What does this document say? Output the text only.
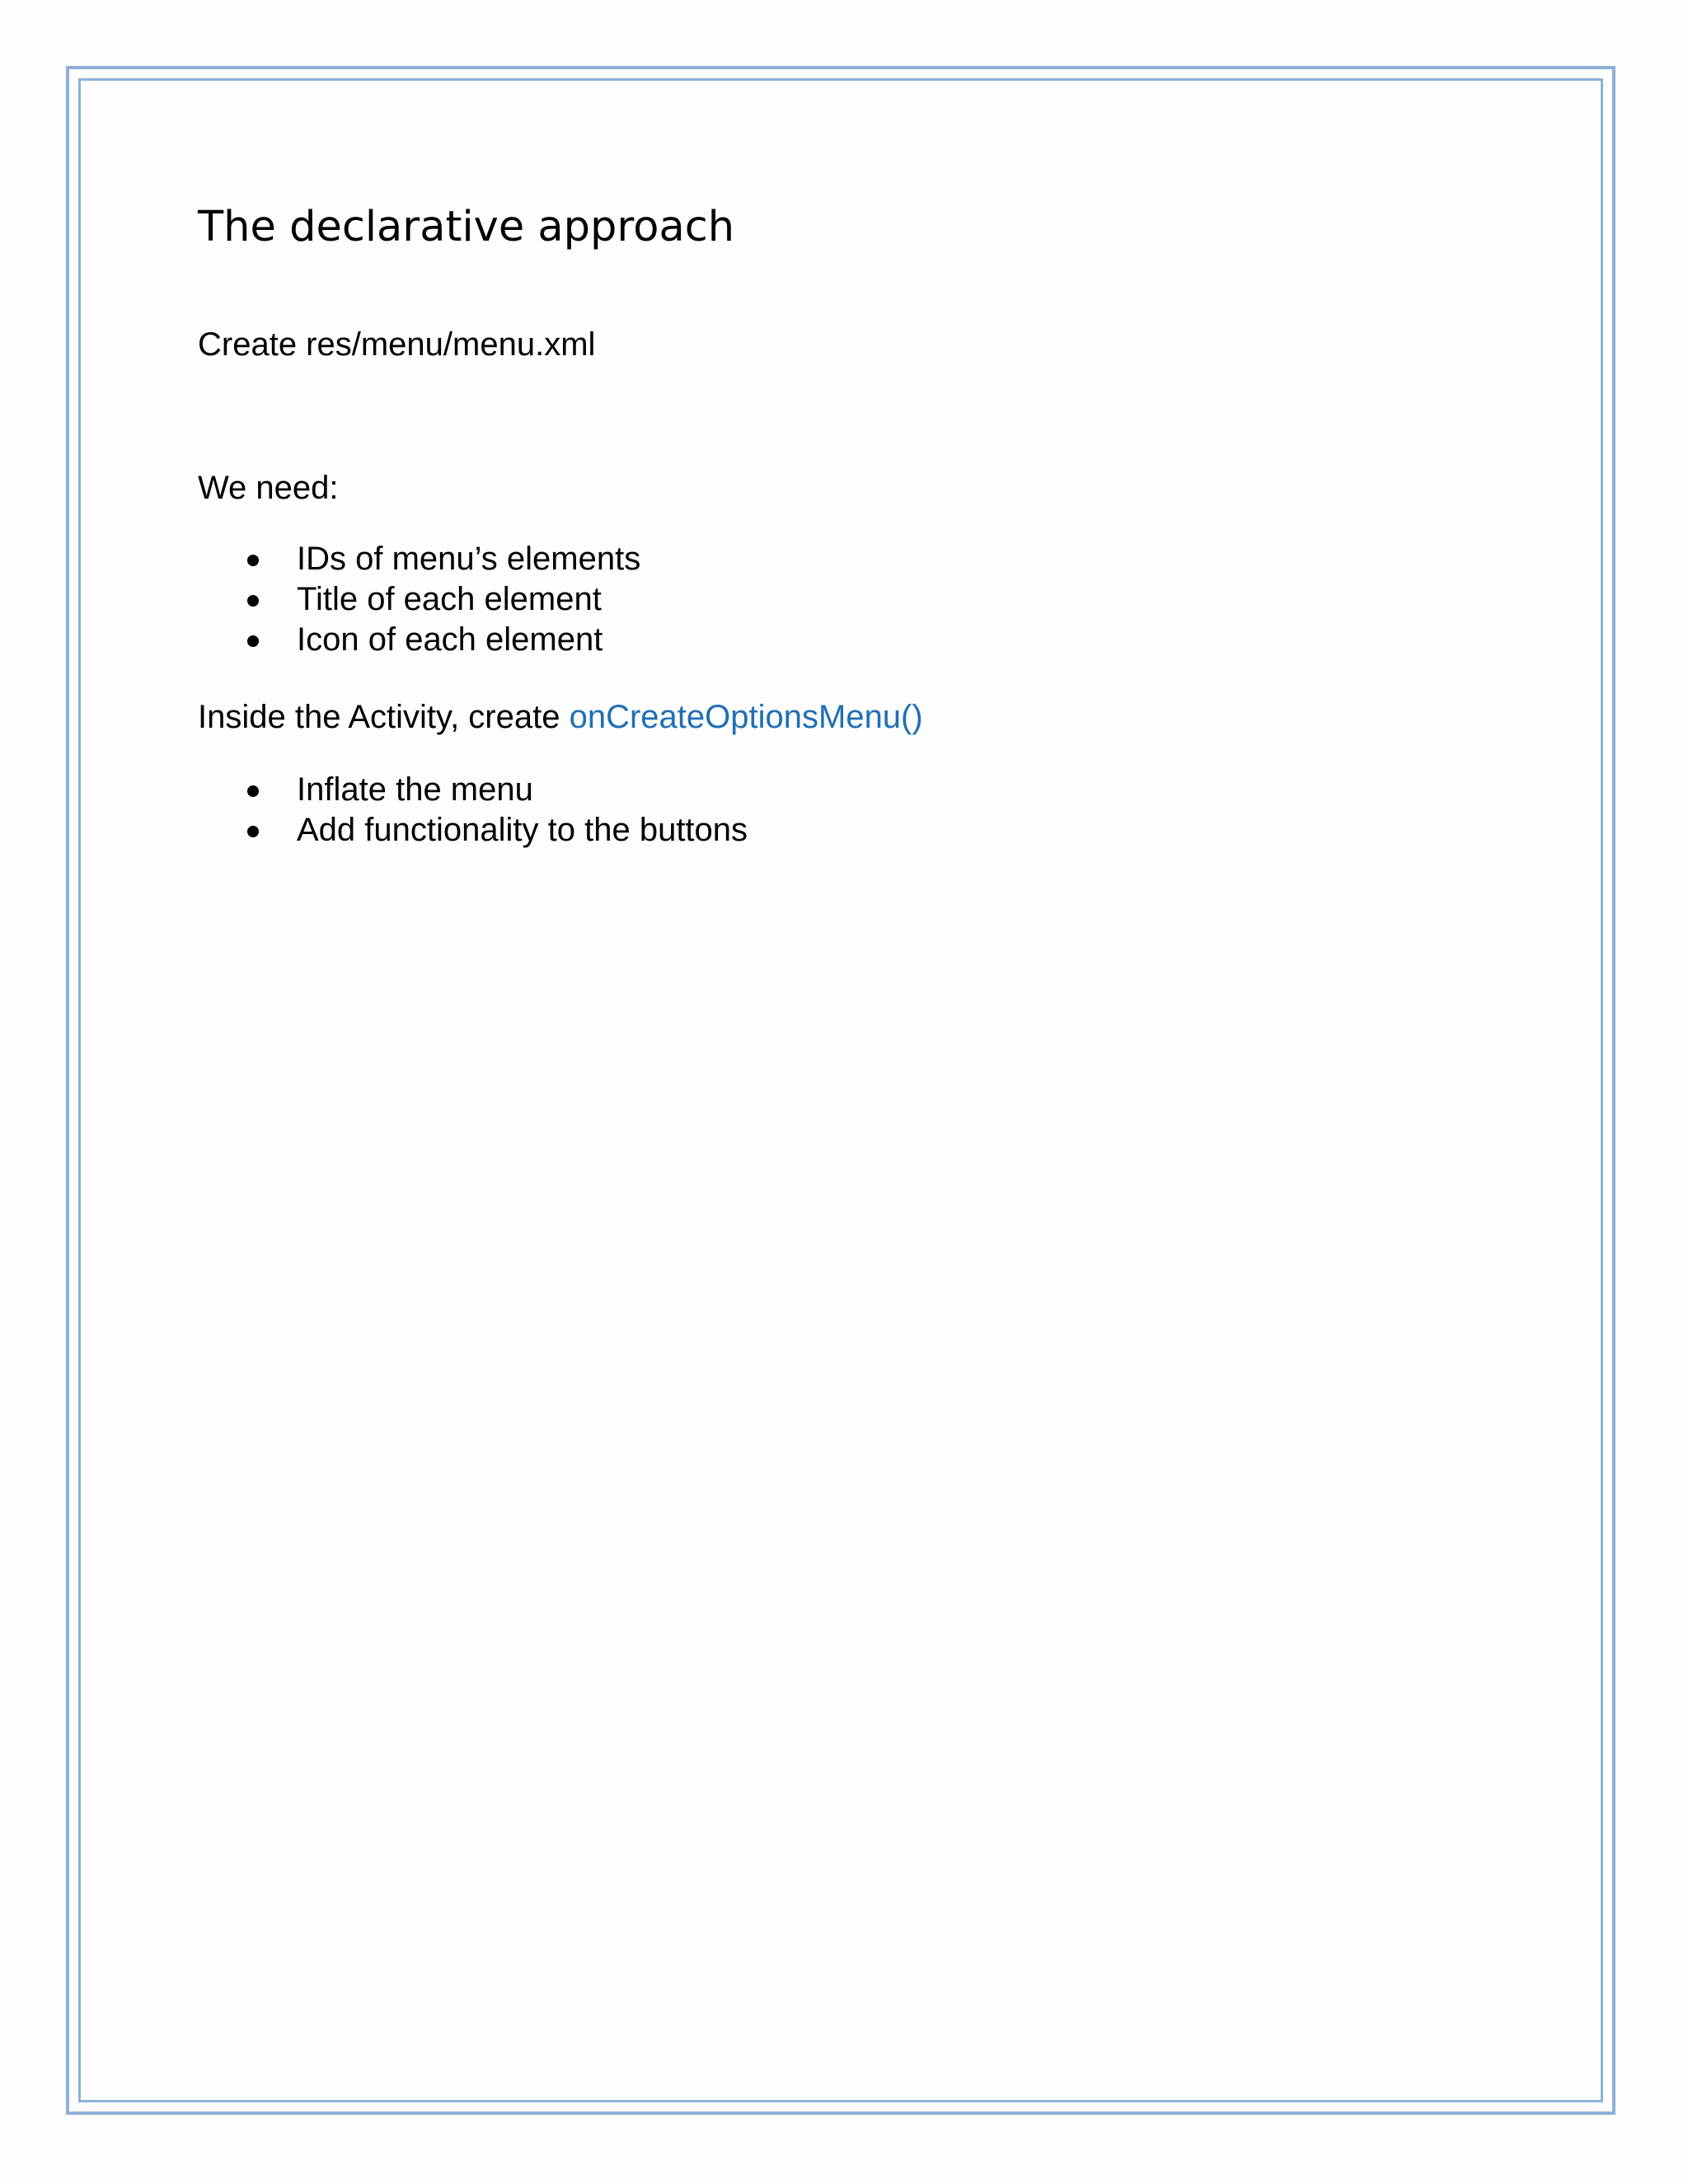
The declarative approach

Create res/menu/menu.xml

We need:

IDs of menu’s elements
Title of each element
Icon of each element

Inside the Activity, create onCreateOptionsMenu()

Inflate the menu
Add functionality to the buttons
